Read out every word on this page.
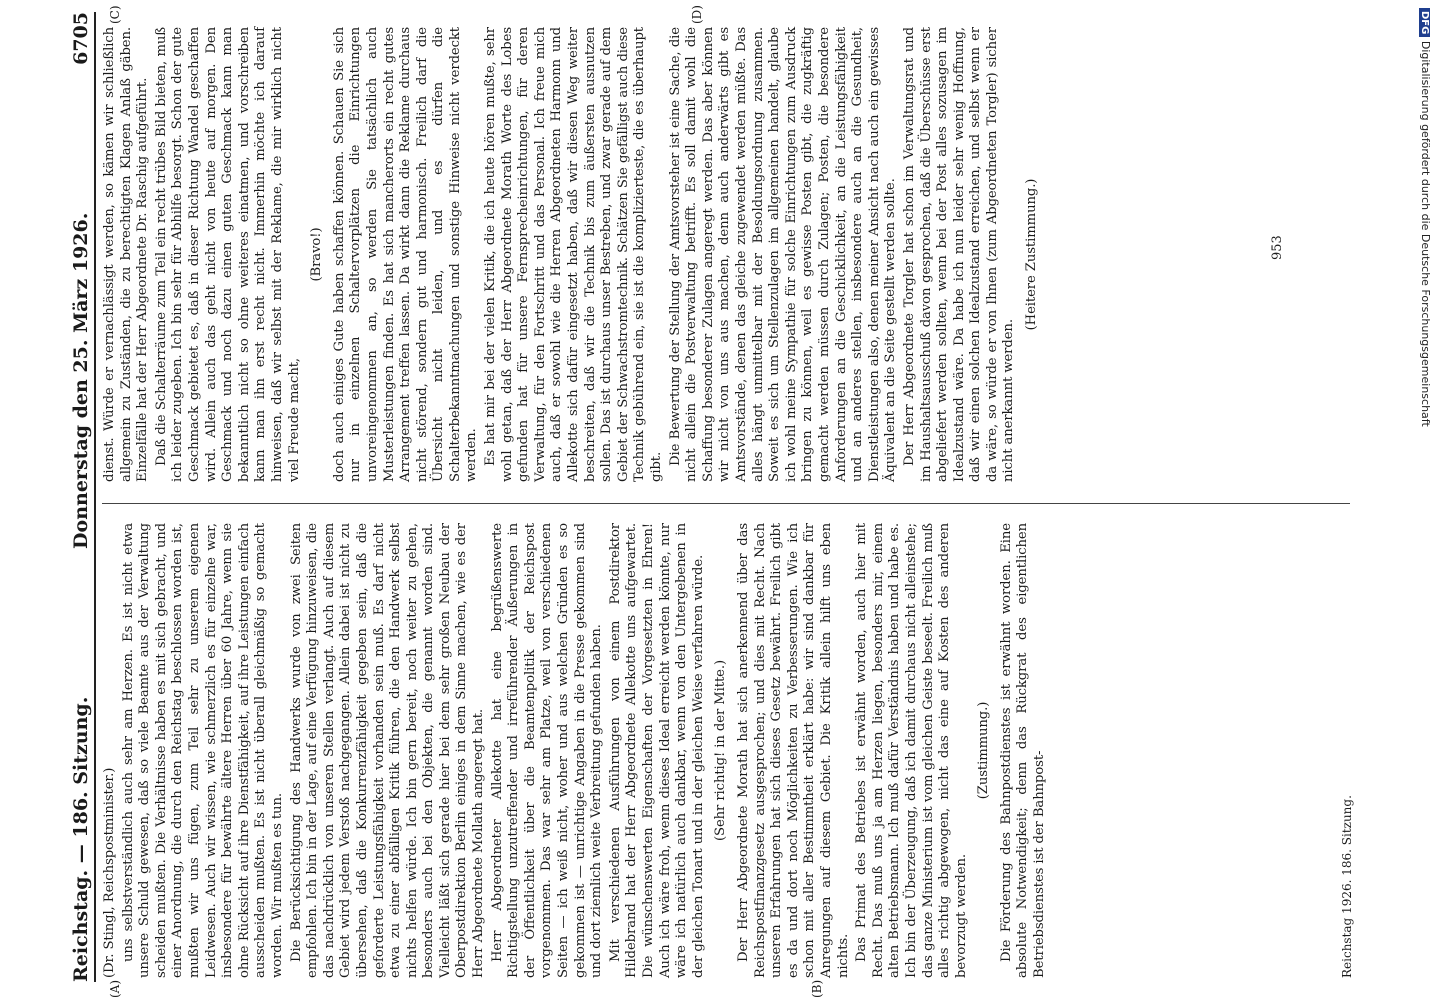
Reichstag. — 186. Sitzung.
Donnerstag den 25. März 1926.
6705
(A)	(B)
(C)	(D)

(Dr. Stingl, Reichspostminister.) uns selbstverständlich auch sehr am Herzen. Es ist nicht etwa unsere Schuld gewesen, daß so viele Beamte aus der Verwaltung scheiden mußten. Die Verhältnisse haben es mit sich gebracht, und einer Anordnung, die durch den Reichstag beschlossen worden ist, mußten wir uns fügen, zum Teil sehr zu unserem eigenen Leidwesen. Auch wir wissen, wie schmerzlich es für einzelne war, insbesondere für bewährte ältere Herren über 60 Jahre, wenn sie ohne Rücksicht auf ihre Dienstfähigkeit, auf ihre Leistungen einfach ausscheiden mußten. Es ist nicht überall gleichmäßig so gemacht worden. Wir mußten es tun. Die Berücksichtigung des Handwerks wurde von zwei Seiten empfohlen. Ich bin in der Lage, auf eine Verfügung hinzuweisen, die das nachdrücklich von unseren Stellen verlangt. Auch auf diesem Gebiet wird jedem Verstoß nachgegangen. Allein dabei ist nicht zu übersehen, daß die Konkurrenzfähigkeit gegeben sein, daß die geforderte Leistungsfähigkeit vorhanden sein muß. Es darf nicht etwa zu einer abfälligen Kritik führen, die den Handwerk selbst nichts helfen würde. Ich bin gern bereit, noch weiter zu gehen, besonders auch bei den Objekten, die genannt worden sind. Vielleicht läßt sich gerade hier bei dem sehr großen Neubau der Oberpostdirektion Berlin einiges in dem Sinne machen, wie es der Herr Abgeordnete Mollath angeregt hat. Herr Abgeordneter Allekotte hat eine begrüßenswerte Richtigstellung unzutreffender und irreführender Äußerungen in der Öffentlichkeit über die Beamtenpolitik der Reichspost vorgenommen. Das war sehr am Platze, weil von verschiedenen Seiten — ich weiß nicht, woher und aus welchen Gründen es so gekommen ist — unrichtige Angaben in die Presse gekommen sind und dort ziemlich weite Verbreitung gefunden haben. Mit verschiedenen Ausführungen von einem Postdirektor Hildebrand hat der Herr Abgeordnete Allekotte uns aufgewartet. Die wünschenswerten Eigenschaften der Vorgesetzten in Ehren! Auch ich wäre froh, wenn dieses Ideal erreicht werden könnte, nur wäre ich natürlich auch dankbar, wenn von den Untergebenen in der gleichen Tonart und in der gleichen Weise verfahren würde. (Sehr richtig! in der Mitte.) Der Herr Abgeordnete Morath hat sich anerkennend über das Reichspostfinanzgesetz ausgesprochen; und dies mit Recht. Nach unseren Erfahrungen hat sich dieses Gesetz bewährt. Freilich gibt es da und dort noch Möglichkeiten zu Verbesserungen. Wie ich schon mit aller Bestimmtheit erklärt habe: wir sind dankbar für Anregungen auf diesem Gebiet. Die Kritik allein hilft uns eben nichts. Das Primat des Betriebes ist erwähnt worden, auch hier mit Recht. Das muß uns ja am Herzen liegen, besonders mir, einem alten Betriebsmann. Ich muß dafür Verständnis haben und habe es. Ich bin der Überzeugung, daß ich damit durchaus nicht alleinstehe; das ganze Ministerium ist vom gleichen Geiste beseelt. Freilich muß alles richtig abgewogen, nicht das eine auf Kosten des anderen bevorzugt werden.

(Zustimmung.) Die Förderung des Bahnpostdienstes ist erwähnt worden. Eine absolute Notwendigkeit; denn das Rückgrat des eigentlichen Betriebsdienstes ist der Bahnpost-

dienst. Würde er vernachlässigt werden, so kämen wir schließlich allgemein zu Zuständen, die zu berechtigten Klagen Anlaß gäben. Einzelfälle hat der Herr Abgeordnete Dr. Raschig aufgeführt. Daß die Schalterräume zum Teil ein recht trübes Bild bieten, muß ich leider zugeben. Ich bin sehr für Abhilfe besorgt. Schon der gute Geschmack gebietet es, daß in dieser Richtung Wandel geschaffen wird. Allein auch das geht nicht von heute auf morgen. Den Geschmack und noch dazu einen guten Geschmack kann man bekanntlich nicht so ohne weiteres einatmen, und vorschreiben kann man ihn erst recht nicht. Immerhin möchte ich darauf hinweisen, daß wir selbst mit der Reklame, die mir wirklich nicht viel Freude macht,

(Bravo!) doch auch einiges Gute haben schaffen können. Schauen Sie sich nur in einzelnen Schaltervorplätzen die Einrichtungen unvoreingenommen an, so werden Sie tatsächlich auch Musterleistungen finden. Es hat sich mancherorts ein recht gutes Arrangement treffen lassen. Da wirkt dann die Reklame durchaus nicht störend, sondern gut und harmonisch. Freilich darf die Übersicht nicht leiden, und es dürfen die Schalterbekanntmachungen und sonstige Hinweise nicht verdeckt werden. Es hat mir bei der vielen Kritik, die ich heute hören mußte, sehr wohl getan, daß der Herr Abgeordnete Morath Worte des Lobes gefunden hat für unsere Fernsprecheinrichtungen, für deren Verwaltung, für den Fortschritt und das Personal. Ich freue mich auch, daß er sowohl wie die Herren Abgeordneten Harmonn und Allekotte sich dafür eingesetzt haben, daß wir diesen Weg weiter beschreiten, daß wir die Technik bis zum äußersten ausnutzen sollen. Das ist durchaus unser Bestreben, und zwar gerade auf dem Gebiet der Schwachstromtechnik. Schätzen Sie gefälligst auch diese Technik gebührend ein, sie ist die komplizierteste, die es überhaupt gibt.

Die Bewertung der Stellung der Amtsvorsteher ist eine Sache, die nicht allein die Postverwaltung betrifft. Es soll damit wohl die Schaffung besonderer Zulagen angeregt werden. Das aber können wir nicht von uns aus machen, denn auch anderwärts gibt es Amtsvorstände, denen das gleiche zugewendet werden müßte. Das alles hängt unmittelbar mit der Besoldungsordnung zusammen. Soweit es sich um Stellenzulagen im allgemeinen handelt, glaube ich wohl meine Sympathie für solche Einrichtungen zum Ausdruck bringen zu können, weil es gewisse Posten gibt, die zugkräftig gemacht werden müssen durch Zulagen; Posten, die besondere Anforderungen an die Geschicklichkeit, an die Leistungsfähigkeit und an anderes stellen, insbesondere auch an die Gesundheit, Dienstleistungen also, denen meiner Ansicht nach auch ein gewisses Äquivalent an die Seite gestellt werden sollte. Der Herr Abgeordnete Torgler hat schon im Verwaltungsrat und im Haushaltsausschuß davon gesprochen, daß die Überschüsse erst abgeliefert werden sollten, wenn bei der Post alles sozusagen im Idealzustand wäre. Da habe ich nun leider sehr wenig Hoffnung, daß wir einen solchen Idealzustand erreichen, und selbst wenn er da wäre, so würde er von Ihnen (zum Abgeordneten Torgler) sicher nicht anerkannt werden.

(Heitere Zustimmung.)

Reichstag 1926. 186. Sitzung.
953
DFG Digitalisierung gefördert durch die Deutsche Forschungsgemeinschaft
